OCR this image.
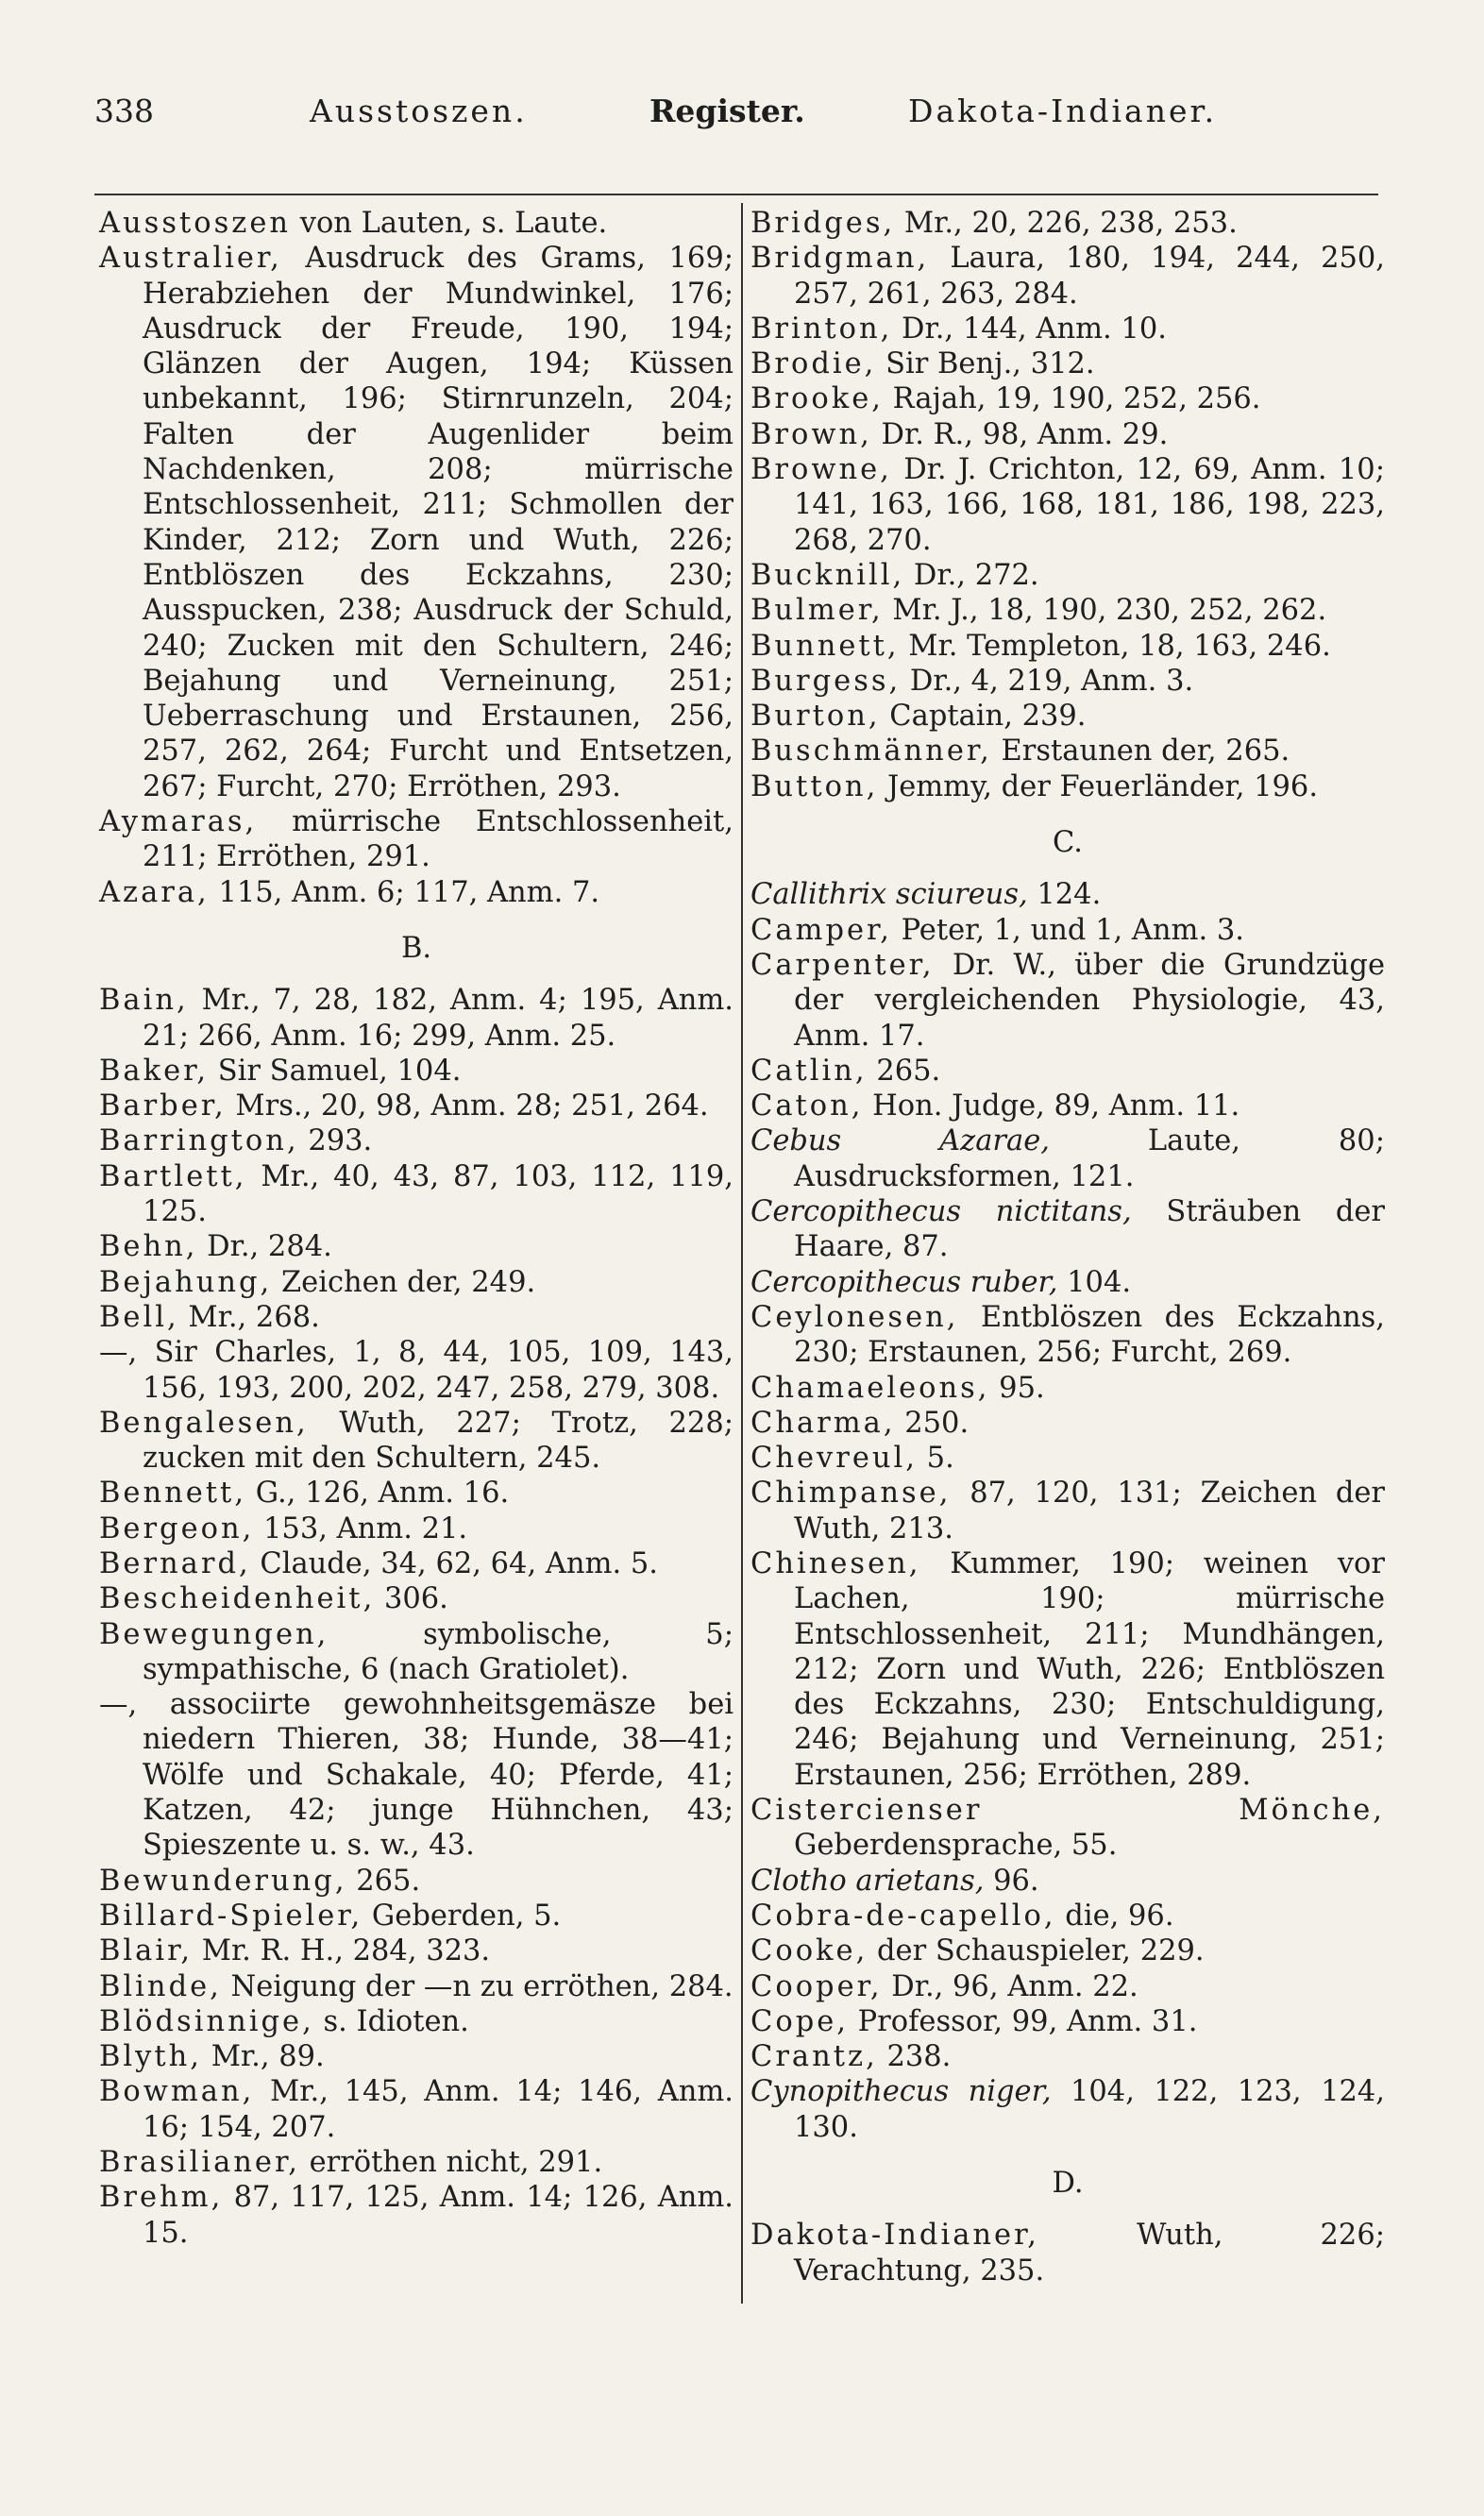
338	Ausstoszen.	Register.	Dakota-Indianer.
Ausstoszen von Lauten, s. Laute.
Australier, Ausdruck des Grams, 169; Herabziehen der Mundwinkel, 176; Ausdruck der Freude, 190, 194; Glänzen der Augen, 194; Küssen unbekannt, 196; Stirnrunzeln, 204; Falten der Augenlider beim Nachdenken, 208; mürrische Entschlossenheit, 211; Schmollen der Kinder, 212; Zorn und Wuth, 226; Entblöszen des Eckzahns, 230; Ausspucken, 238; Ausdruck der Schuld, 240; Zucken mit den Schultern, 246; Bejahung und Verneinung, 251; Ueberraschung und Erstaunen, 256, 257, 262, 264; Furcht und Entsetzen, 267; Furcht, 270; Erröthen, 293.
Aymaras, mürrische Entschlossenheit, 211; Erröthen, 291.
Azara, 115, Anm. 6; 117, Anm. 7.
B.
Bain, Mr., 7, 28, 182, Anm. 4; 195, Anm. 21; 266, Anm. 16; 299, Anm. 25.
Baker, Sir Samuel, 104.
Barber, Mrs., 20, 98, Anm. 28; 251, 264.
Barrington, 293.
Bartlett, Mr., 40, 43, 87, 103, 112, 119, 125.
Behn, Dr., 284.
Bejahung, Zeichen der, 249.
Bell, Mr., 268.
—, Sir Charles, 1, 8, 44, 105, 109, 143, 156, 193, 200, 202, 247, 258, 279, 308.
Bengalesen, Wuth, 227; Trotz, 228; zucken mit den Schultern, 245.
Bennett, G., 126, Anm. 16.
Bergeon, 153, Anm. 21.
Bernard, Claude, 34, 62, 64, Anm. 5.
Bescheidenheit, 306.
Bewegungen, symbolische, 5; sympathische, 6 (nach Gratiolet).
—, associirte gewohnheitsgemäsze bei niedern Thieren, 38; Hunde, 38—41; Wölfe und Schakale, 40; Pferde, 41; Katzen, 42; junge Hühnchen, 43; Spieszente u. s. w., 43.
Bewunderung, 265.
Billard-Spieler, Geberden, 5.
Blair, Mr. R. H., 284, 323.
Blinde, Neigung der —n zu erröthen, 284.
Blödsinnige, s. Idioten.
Blyth, Mr., 89.
Bowman, Mr., 145, Anm. 14; 146, Anm. 16; 154, 207.
Brasilianer, erröthen nicht, 291.
Brehm, 87, 117, 125, Anm. 14; 126, Anm. 15.
Bridges, Mr., 20, 226, 238, 253.
Bridgman, Laura, 180, 194, 244, 250, 257, 261, 263, 284.
Brinton, Dr., 144, Anm. 10.
Brodie, Sir Benj., 312.
Brooke, Rajah, 19, 190, 252, 256.
Brown, Dr. R., 98, Anm. 29.
Browne, Dr. J. Crichton, 12, 69, Anm. 10; 141, 163, 166, 168, 181, 186, 198, 223, 268, 270.
Bucknill, Dr., 272.
Bulmer, Mr. J., 18, 190, 230, 252, 262.
Bunnett, Mr. Templeton, 18, 163, 246.
Burgess, Dr., 4, 219, Anm. 3.
Burton, Captain, 239.
Buschmänner, Erstaunen der, 265.
Button, Jemmy, der Feuerländer, 196.
C.
Callithrix sciureus, 124.
Camper, Peter, 1, und 1, Anm. 3.
Carpenter, Dr. W., über die Grundzüge der vergleichenden Physiologie, 43, Anm. 17.
Catlin, 265.
Caton, Hon. Judge, 89, Anm. 11.
Cebus Azarae, Laute, 80; Ausdrucksformen, 121.
Cercopithecus nictitans, Sträuben der Haare, 87.
Cercopithecus ruber, 104.
Ceylonesen, Entblöszen des Eckzahns, 230; Erstaunen, 256; Furcht, 269.
Chamaeleons, 95.
Charma, 250.
Chevreul, 5.
Chimpanse, 87, 120, 131; Zeichen der Wuth, 213.
Chinesen, Kummer, 190; weinen vor Lachen, 190; mürrische Entschlossenheit, 211; Mundhängen, 212; Zorn und Wuth, 226; Entblöszen des Eckzahns, 230; Entschuldigung, 246; Bejahung und Verneinung, 251; Erstaunen, 256; Erröthen, 289.
Cistercienser Mönche, Geberdensprache, 55.
Clotho arietans, 96.
Cobra-de-capello, die, 96.
Cooke, der Schauspieler, 229.
Cooper, Dr., 96, Anm. 22.
Cope, Professor, 99, Anm. 31.
Crantz, 238.
Cynopithecus niger, 104, 122, 123, 124, 130.
D.
Dakota-Indianer, Wuth, 226; Verachtung, 235.
